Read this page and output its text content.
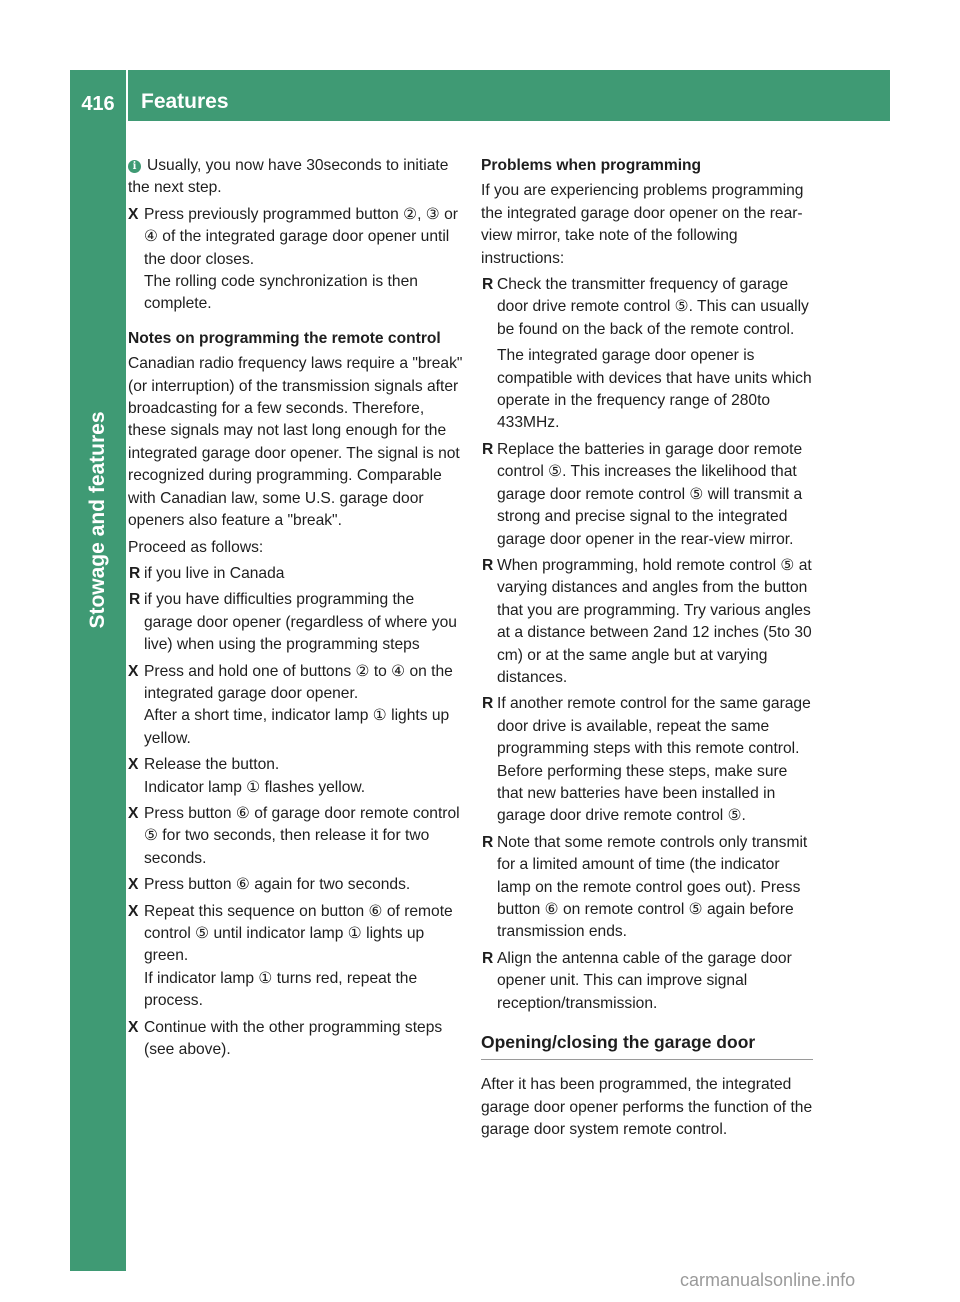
416	Features
Stowage and features
i Usually, you now have 30seconds to initiate the next step.
X Press previously programmed button ②, ③ or ④ of the integrated garage door opener until the door closes.
The rolling code synchronization is then complete.
Notes on programming the remote control
Canadian radio frequency laws require a "break" (or interruption) of the transmission signals after broadcasting for a few seconds. Therefore, these signals may not last long enough for the integrated garage door opener. The signal is not recognized during programming. Comparable with Canadian law, some U.S. garage door openers also feature a "break".
Proceed as follows:
R if you live in Canada
R if you have difficulties programming the garage door opener (regardless of where you live) when using the programming steps
X Press and hold one of buttons ② to ④ on the integrated garage door opener.
After a short time, indicator lamp ① lights up yellow.
X Release the button.
Indicator lamp ① flashes yellow.
X Press button ⑥ of garage door remote control ⑤ for two seconds, then release it for two seconds.
X Press button ⑥ again for two seconds.
X Repeat this sequence on button ⑥ of remote control ⑤ until indicator lamp ① lights up green.
If indicator lamp ① turns red, repeat the process.
X Continue with the other programming steps (see above).
Problems when programming
If you are experiencing problems programming the integrated garage door opener on the rear-view mirror, take note of the following instructions:
R Check the transmitter frequency of garage door drive remote control ⑤. This can usually be found on the back of the remote control.
The integrated garage door opener is compatible with devices that have units which operate in the frequency range of 280to 433MHz.
R Replace the batteries in garage door remote control ⑤. This increases the likelihood that garage door remote control ⑤ will transmit a strong and precise signal to the integrated garage door opener in the rear-view mirror.
R When programming, hold remote control ⑤ at varying distances and angles from the button that you are programming. Try various angles at a distance between 2and 12 inches (5to 30 cm) or at the same angle but at varying distances.
R If another remote control for the same garage door drive is available, repeat the same programming steps with this remote control. Before performing these steps, make sure that new batteries have been installed in garage door drive remote control ⑤.
R Note that some remote controls only transmit for a limited amount of time (the indicator lamp on the remote control goes out). Press button ⑥ on remote control ⑤ again before transmission ends.
R Align the antenna cable of the garage door opener unit. This can improve signal reception/transmission.
Opening/closing the garage door
After it has been programmed, the integrated garage door opener performs the function of the garage door system remote control.
carmanualsonline.info
